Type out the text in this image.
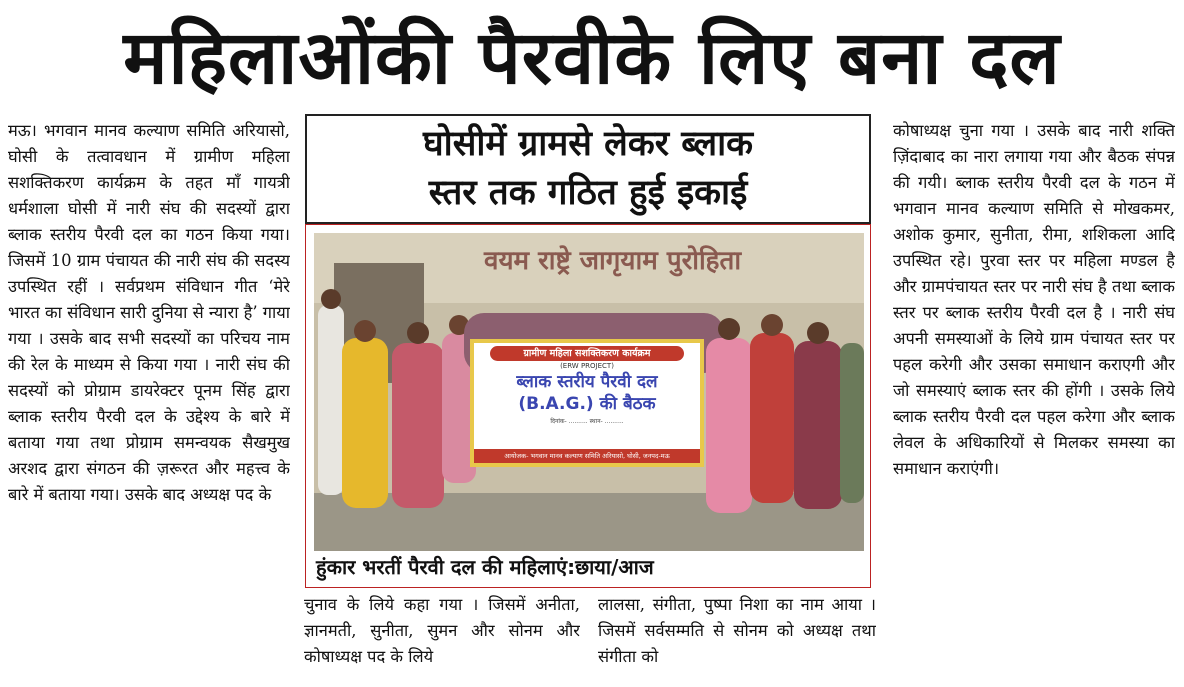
महिलाओंकी पैरवीके लिए बना दल

मऊ। भगवान मानव कल्याण समिति अरियासो, घोसी के तत्वावधान में ग्रामीण महिला सशक्तिकरण कार्यक्रम के तहत माँ गायत्री धर्मशाला घोसी में नारी संघ की सदस्यों द्वारा ब्लाक स्तरीय पैरवी दल का गठन किया गया। जिसमें 10 ग्राम पंचायत की नारी संघ की सदस्य उपस्थित रहीं । सर्वप्रथम संविधान गीत ‘मेरे भारत का संविधान सारी दुनिया से न्यारा है’ गाया गया । उसके बाद सभी सदस्यों का परिचय नाम की रेल के माध्यम से किया गया । नारी संघ की सदस्यों को प्रोग्राम डायरेक्टर पूनम सिंह द्वारा ब्लाक स्तरीय पैरवी दल के उद्देश्य के बारे में बताया गया तथा प्रोग्राम समन्वयक सैखमुख अरशद द्वारा संगठन की ज़रूरत और महत्त्व के बारे में बताया गया। उसके बाद अध्यक्ष पद के

घोसीमें ग्रामसे लेकर ब्लाक
स्तर तक गठित हुई इकाई
वयम राष्ट्रे जागृयाम पुरोहिता
ग्रामीण महिला सशक्तिकरण कार्यक्रम
(ERW PROJECT)
ब्लाक स्तरीय पैरवी दल
(B.A.G.) की बैठक
दिनांक- .......... स्थान- ..........
आयोजक- भगवान मानव कल्याण समिति अरियासो, घोसी, जनपद-मऊ
हुंकार भरतीं पैरवी दल की महिलाएं:छाया/आज

चुनाव के लिये कहा गया । जिसमें अनीता, ज्ञानमती, सुनीता, सुमन और सोनम और कोषाध्यक्ष पद के लिये

लालसा, संगीता, पुष्पा निशा का नाम आया । जिसमें सर्वसम्मति से सोनम को अध्यक्ष तथा संगीता को

कोषाध्यक्ष चुना गया । उसके बाद नारी शक्ति ज़िंदाबाद का नारा लगाया गया और बैठक संपन्न की गयी। ब्लाक स्तरीय पैरवी दल के गठन में भगवान मानव कल्याण समिति से मोखकमर, अशोक कुमार, सुनीता, रीमा, शशिकला आदि उपस्थित रहे। पुरवा स्तर पर महिला मण्डल है और ग्रामपंचायत स्तर पर नारी संघ है तथा ब्लाक स्तर पर ब्लाक स्तरीय पैरवी दल है । नारी संघ अपनी समस्याओं के लिये ग्राम पंचायत स्तर पर पहल करेगी और उसका समाधान कराएगी और जो समस्याएं ब्लाक स्तर की होंगी । उसके लिये ब्लाक स्तरीय पैरवी दल पहल करेगा और ब्लाक लेवल के अधिकारियों से मिलकर समस्या का समाधान कराएंगी।
